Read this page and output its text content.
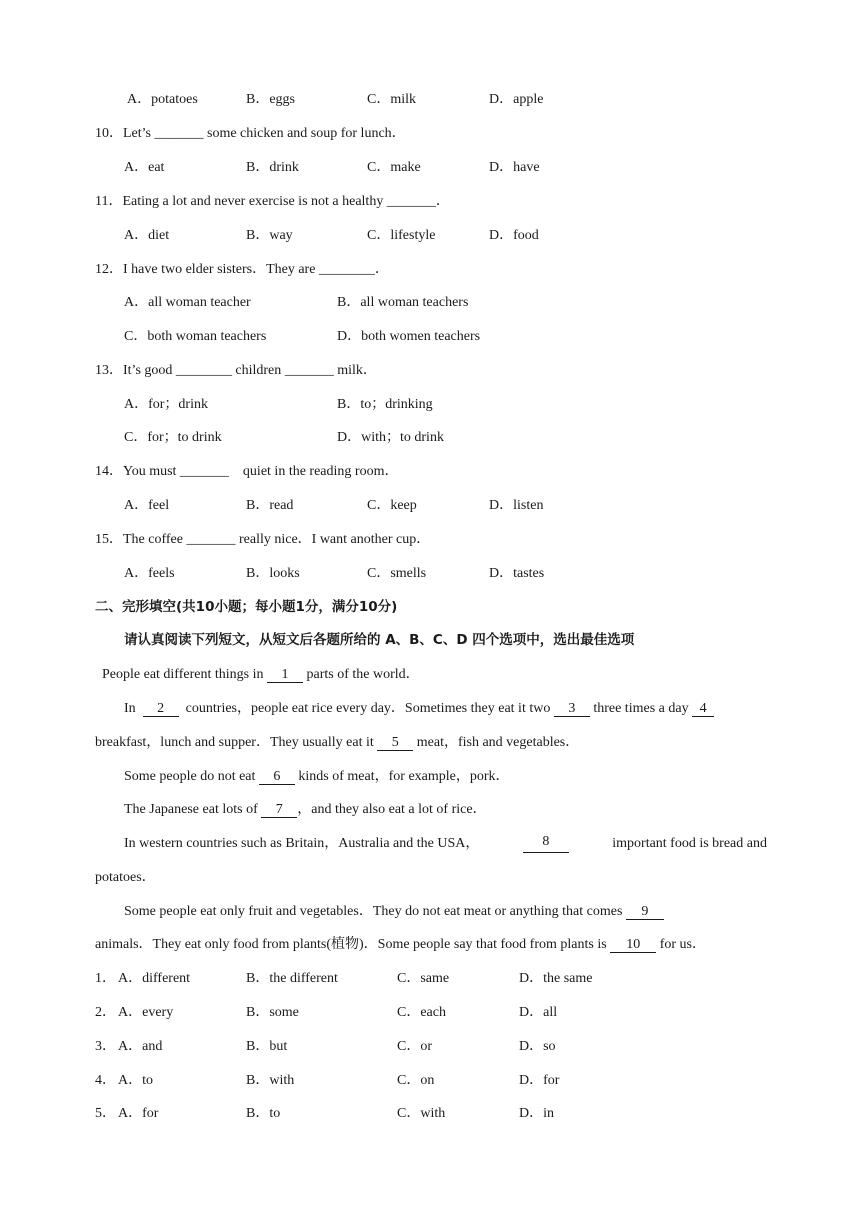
A．potatoes	B．eggs	C．milk	D．apple
10．Let’s _______ some chicken and soup for lunch．
A．eat	B．drink	C．make	D．have
11．Eating a lot and never exercise is not a healthy _______．
A．diet	B．way	C．lifestyle	D．food
12．I have two elder sisters．They are ________．
A．all woman teacher	B．all woman teachers
C．both woman teachers	D．both women teachers
13．It’s good ________ children _______ milk．
A．for；drink	B．to；drinking
C．for；to drink	D．with；to drink
14．You must _______    quiet in the reading room．
A．feel	B．read	C．keep	D．listen
15．The coffee _______ really nice．I want another cup．
A．feels	B．looks	C．smells	D．tastes
二、完形填空(共10小题；每小题1分，满分10分)
请认真阅读下列短文，从短文后各题所给的 A、B、C、D 四个选项中，选出最佳选项
People eat different things in 1 parts of the world．
In  2  countries，people eat rice every day．Sometimes they eat it two 3 three times a day 4
breakfast，lunch and supper．They usually eat it 5 meat，fish and vegetables．
Some people do not eat 6 kinds of meat，for example，pork．
The Japanese eat lots of 7 ，and they also eat a lot of rice．
In western countries such as Britain，Australia and the USA，	8	important food is bread and
potatoes．
Some people eat only fruit and vegetables．They do not eat meat or anything that comes 9
animals．They eat only food from plants(植物)．Some people say that food from plants is 10 for us．
1． A．different	B．the different	C．same	D．the same
2． A．every	B．some	C．each	D．all
3． A．and	B．but	C．or	D．so
4． A．to	B．with	C．on	D．for
5． A．for	B．to	C．with	D．in
